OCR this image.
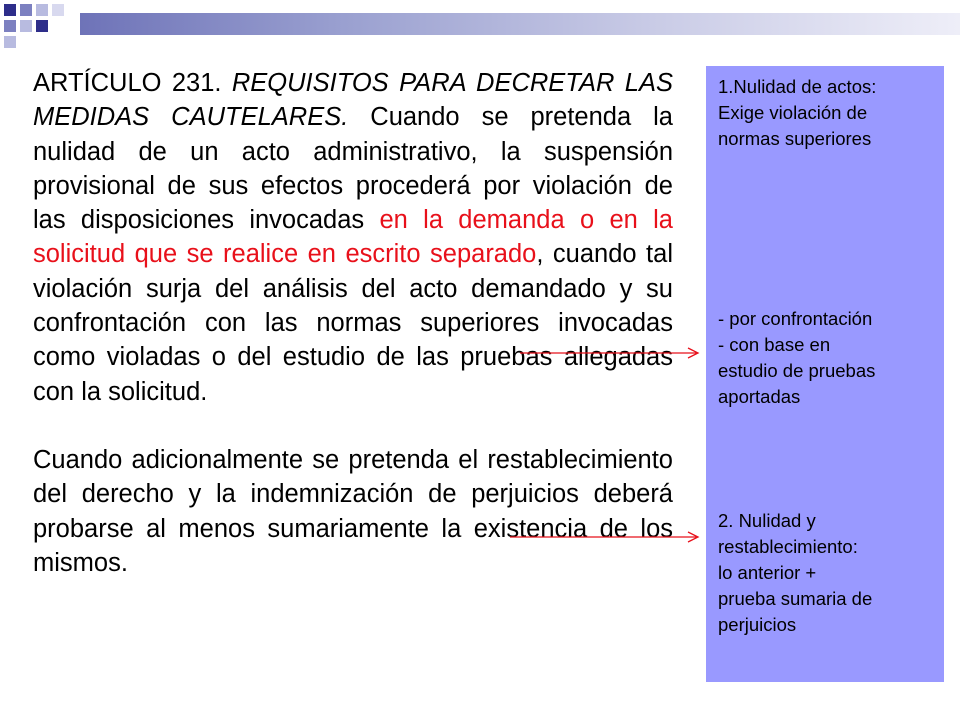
ARTÍCULO 231. REQUISITOS PARA DECRETAR LAS MEDIDAS CAUTELARES. Cuando se pretenda la nulidad de un acto administrativo, la suspensión provisional de sus efectos procederá por violación de las disposiciones invocadas en la demanda o en la solicitud que se realice en escrito separado, cuando tal violación surja del análisis del acto demandado y su confrontación con las normas superiores invocadas como violadas o del estudio de las pruebas allegadas con la solicitud.

Cuando adicionalmente se pretenda el restablecimiento del derecho y la indemnización de perjuicios deberá probarse al menos sumariamente la existencia de los mismos.

1.Nulidad de actos:
Exige violación de
normas superiores
- por confrontación
- con base en
estudio de pruebas
aportadas
2. Nulidad y
restablecimiento:
lo anterior +
prueba sumaria de
perjuicios
